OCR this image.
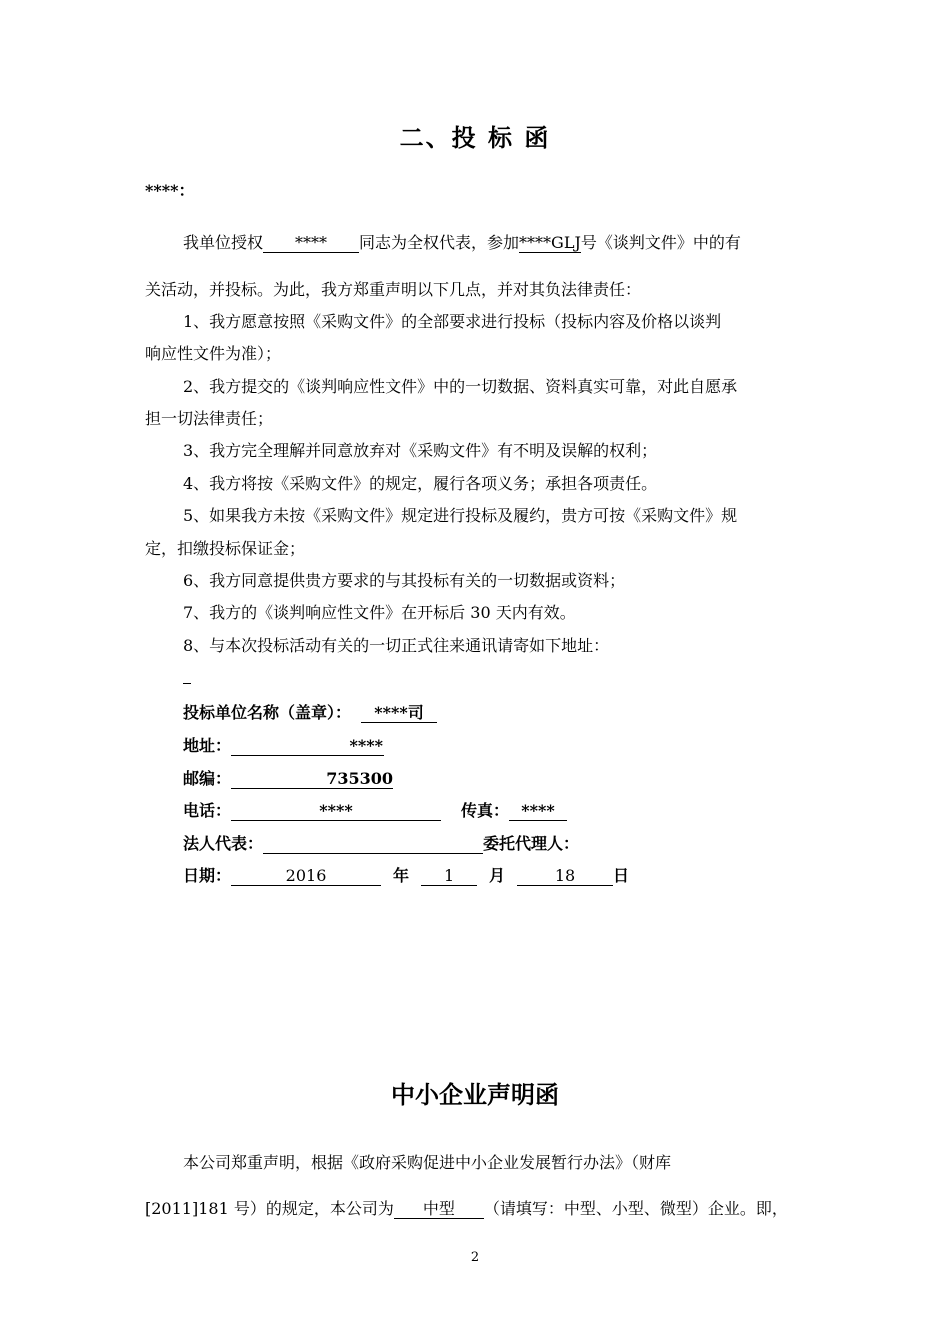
二、投 标 函
****：
我单位授权 **** 同志为全权代表，参加****GLJ号《谈判文件》中的有
关活动，并投标。为此，我方郑重声明以下几点，并对其负法律责任：
1、我方愿意按照《采购文件》的全部要求进行投标（投标内容及价格以谈判
响应性文件为准）；
2、我方提交的《谈判响应性文件》中的一切数据、资料真实可靠，对此自愿承
担一切法律责任；
3、我方完全理解并同意放弃对《采购文件》有不明及误解的权利；
4、我方将按《采购文件》的规定，履行各项义务；承担各项责任。
5、如果我方未按《采购文件》规定进行投标及履约，贵方可按《采购文件》规
定，扣缴投标保证金；
6、我方同意提供贵方要求的与其投标有关的一切数据或资料；
7、我方的《谈判响应性文件》在开标后 30 天内有效。
8、与本次投标活动有关的一切正式往来通讯请寄如下地址：
投标单位名称（盖章）： ****司
地址：	****
邮编：	735300
电话：	****	传真： ****
法人代表：	委托代理人：
日期：	2016	年 1 月	18 日
中小企业声明函
本公司郑重声明，根据《政府采购促进中小企业发展暂行办法》（财库
[2011]181 号）的规定，本公司为 中型 （请填写：中型、小型、微型）企业。即，
2
